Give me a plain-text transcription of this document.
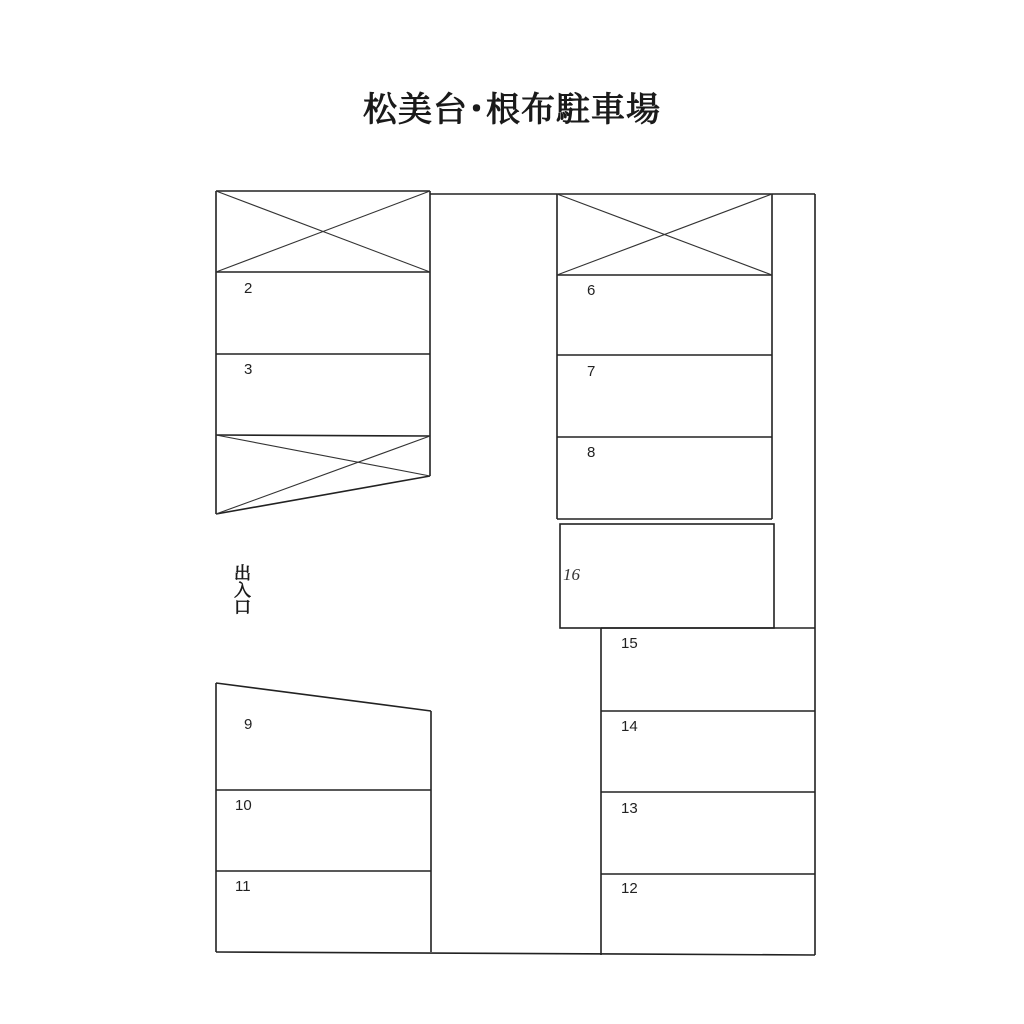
松美台･根布駐車場
2
3
6
7
8
16
15
14
13
12
9
10
11
出入口
